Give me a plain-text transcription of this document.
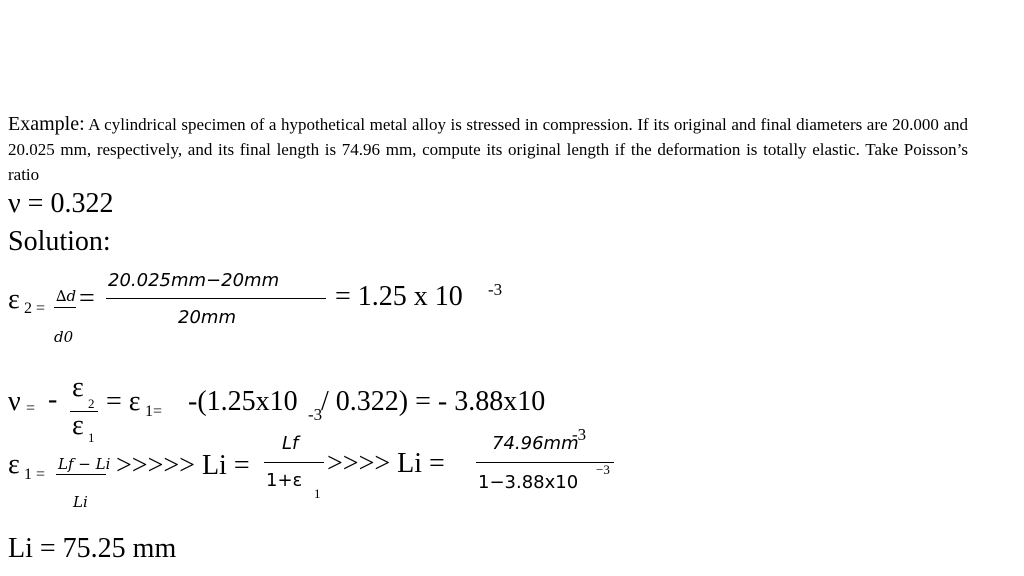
Example: A cylindrical specimen of a hypothetical metal alloy is stressed in compression. If its original and final diameters are 20.000 and 20.025 mm, respectively, and its final length is 74.96 mm, compute its original length if the deformation is totally elastic. Take Poisson’s ratio
ν = 0.322
Solution:
ε 2 =
∆d
d0
=
20.025mm−20mm
20mm
= 1.25 x 10 -3
ν = - ε
2
ε 1
= ε 1= -(1.25x10 -3
/ 0.322) = - 3.88x10
-3
ε 1 =
Lf − Li
Li
>>>>> Li =
Lf
1+ε
1
>>>> Li =
74.96mm
1−3.88x10
−3
Li = 75.25 mm
